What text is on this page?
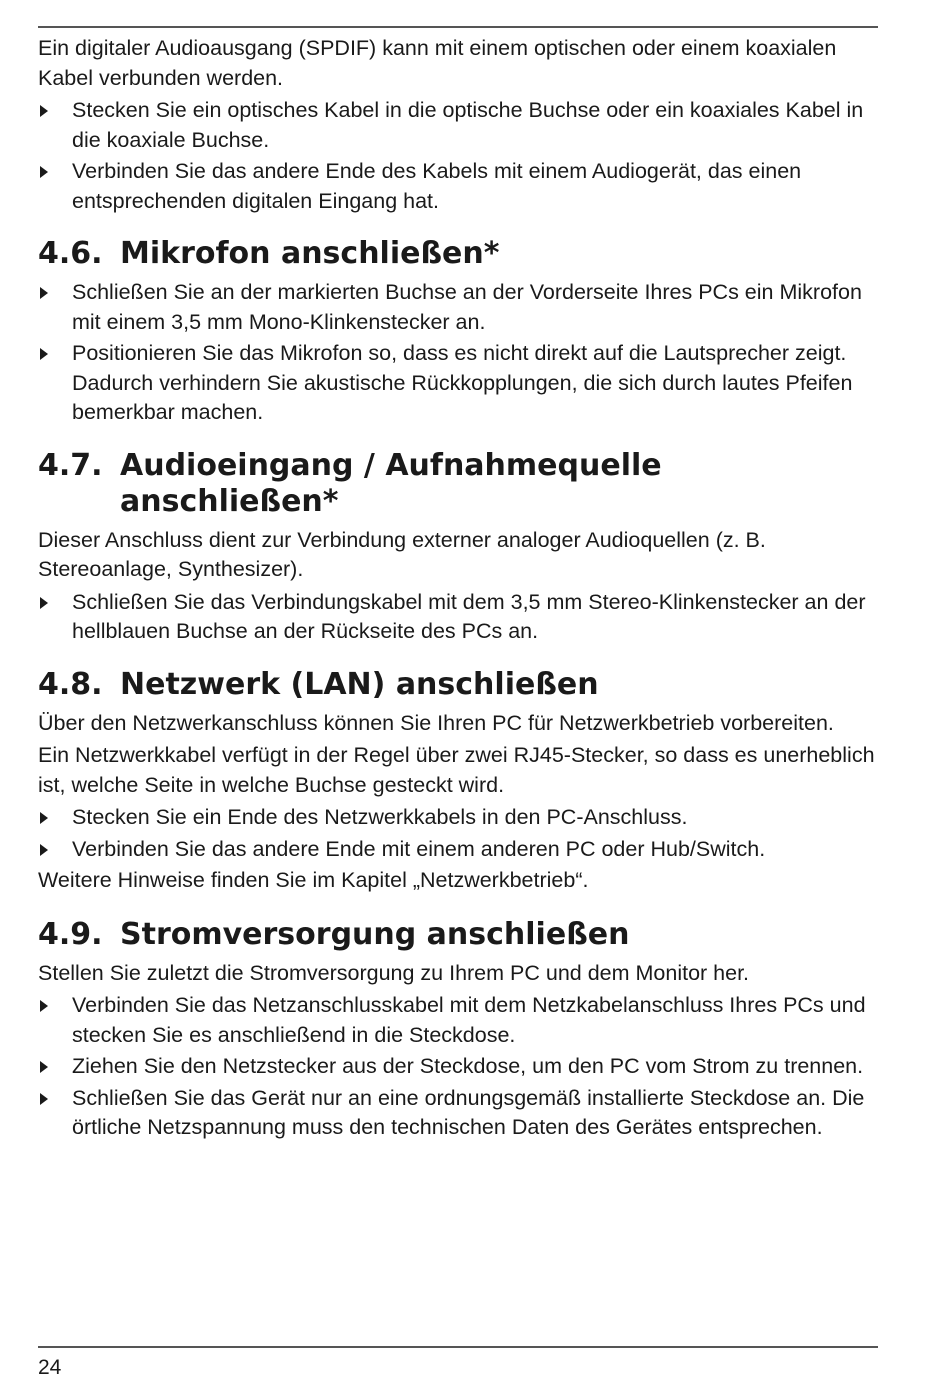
Ein digitaler Audioausgang (SPDIF) kann mit einem optischen oder einem koaxialen Kabel verbunden werden.

Stecken Sie ein optisches Kabel in die optische Buchse oder ein koaxiales Kabel in die koaxiale Buchse.
Verbinden Sie das andere Ende des Kabels mit einem Audiogerät, das einen entsprechenden digitalen Eingang hat.
4.6. Mikrofon anschließen*
Schließen Sie an der markierten Buchse an der Vorderseite Ihres PCs ein Mikrofon mit einem 3,5 mm Mono-Klinkenstecker an.
Positionieren Sie das Mikrofon so, dass es nicht direkt auf die Lautsprecher zeigt. Dadurch verhindern Sie akustische Rückkopplungen, die sich durch lautes Pfeifen bemerkbar machen.
4.7. Audioeingang / Aufnahmequelle anschließen*

Dieser Anschluss dient zur Verbindung externer analoger Audioquellen (z. B. Stereoanlage, Synthesizer).

Schließen Sie das Verbindungskabel mit dem 3,5 mm Stereo-Klinkenstecker an der hellblauen Buchse an der Rückseite des PCs an.
4.8. Netzwerk (LAN) anschließen

Über den Netzwerkanschluss können Sie Ihren PC für Netzwerkbetrieb vorbereiten.

Ein Netzwerkkabel verfügt in der Regel über zwei RJ45-Stecker, so dass es unerheblich ist, welche Seite in welche Buchse gesteckt wird.

Stecken Sie ein Ende des Netzwerkkabels in den PC-Anschluss.
Verbinden Sie das andere Ende mit einem anderen PC oder Hub/Switch.

Weitere Hinweise finden Sie im Kapitel „Netzwerkbetrieb“.

4.9. Stromversorgung anschließen

Stellen Sie zuletzt die Stromversorgung zu Ihrem PC und dem Monitor her.

Verbinden Sie das Netzanschlusskabel mit dem Netzkabelanschluss Ihres PCs und stecken Sie es anschließend in die Steckdose.
Ziehen Sie den Netzstecker aus der Steckdose, um den PC vom Strom zu trennen.
Schließen Sie das Gerät nur an eine ordnungsgemäß installierte Steckdose an. Die örtliche Netzspannung muss den technischen Daten des Gerätes entsprechen.
24
